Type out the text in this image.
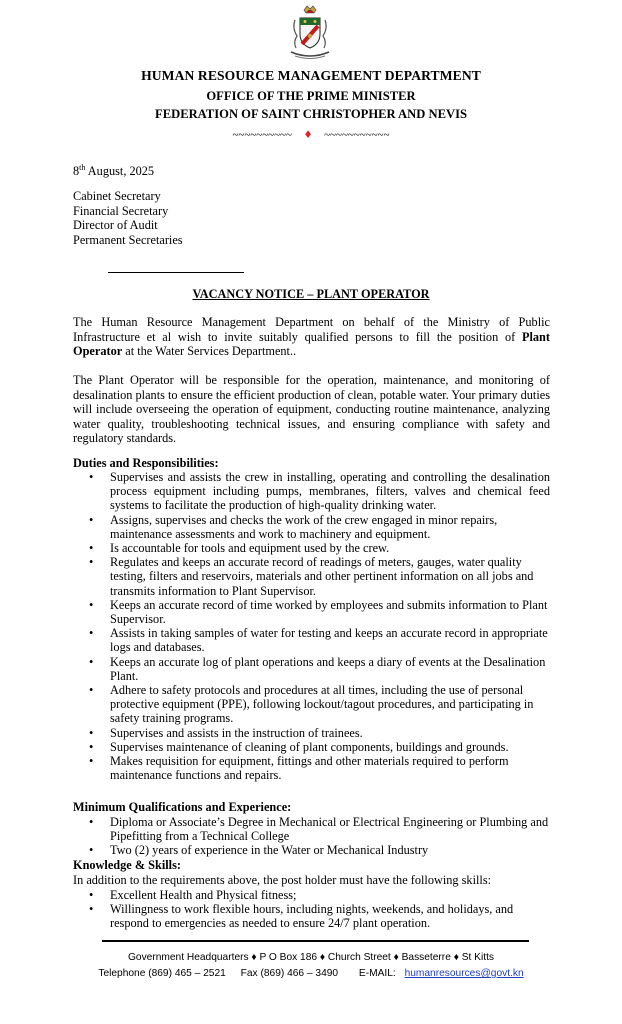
HUMAN RESOURCE MANAGEMENT DEPARTMENT
OFFICE OF THE PRIME MINISTER
FEDERATION OF SAINT CHRISTOPHER AND NEVIS
~~~~~~~~~~ ♦ ~~~~~~~~~~~
8th August, 2025
Cabinet Secretary
Financial Secretary
Director of Audit
Permanent Secretaries
VACANCY NOTICE – PLANT OPERATOR
The Human Resource Management Department on behalf of the Ministry of Public Infrastructure et al wish to invite suitably qualified persons to fill the position of Plant Operator at the Water Services Department..
The Plant Operator will be responsible for the operation, maintenance, and monitoring of desalination plants to ensure the efficient production of clean, potable water. Your primary duties will include overseeing the operation of equipment, conducting routine maintenance, analyzing water quality, troubleshooting technical issues, and ensuring compliance with safety and regulatory standards.
Duties and Responsibilities:
• Supervises and assists the crew in installing, operating and controlling the desalination process equipment including pumps, membranes, filters, valves and chemical feed systems to facilitate the production of high-quality drinking water.
• Assigns, supervises and checks the work of the crew engaged in minor repairs, maintenance assessments and work to machinery and equipment.
• Is accountable for tools and equipment used by the crew.
• Regulates and keeps an accurate record of readings of meters, gauges, water quality testing, filters and reservoirs, materials and other pertinent information on all jobs and transmits information to Plant Supervisor.
• Keeps an accurate record of time worked by employees and submits information to Plant Supervisor.
• Assists in taking samples of water for testing and keeps an accurate record in appropriate logs and databases.
• Keeps an accurate log of plant operations and keeps a diary of events at the Desalination Plant.
• Adhere to safety protocols and procedures at all times, including the use of personal protective equipment (PPE), following lockout/tagout procedures, and participating in safety training programs.
• Supervises and assists in the instruction of trainees.
• Supervises maintenance of cleaning of plant components, buildings and grounds.
• Makes requisition for equipment, fittings and other materials required to perform maintenance functions and repairs.
Minimum Qualifications and Experience:
• Diploma or Associate’s Degree in Mechanical or Electrical Engineering or Plumbing and Pipefitting from a Technical College
• Two (2) years of experience in the Water or Mechanical Industry
Knowledge & Skills:
In addition to the requirements above, the post holder must have the following skills:
• Excellent Health and Physical fitness;
• Willingness to work flexible hours, including nights, weekends, and holidays, and respond to emergencies as needed to ensure 24/7 plant operation.
Government Headquarters ♦ P O Box 186 ♦ Church Street ♦ Basseterre ♦ St Kitts
Telephone (869) 465 – 2521 Fax (869) 466 – 3490 E-MAIL: humanresources@govt.kn
